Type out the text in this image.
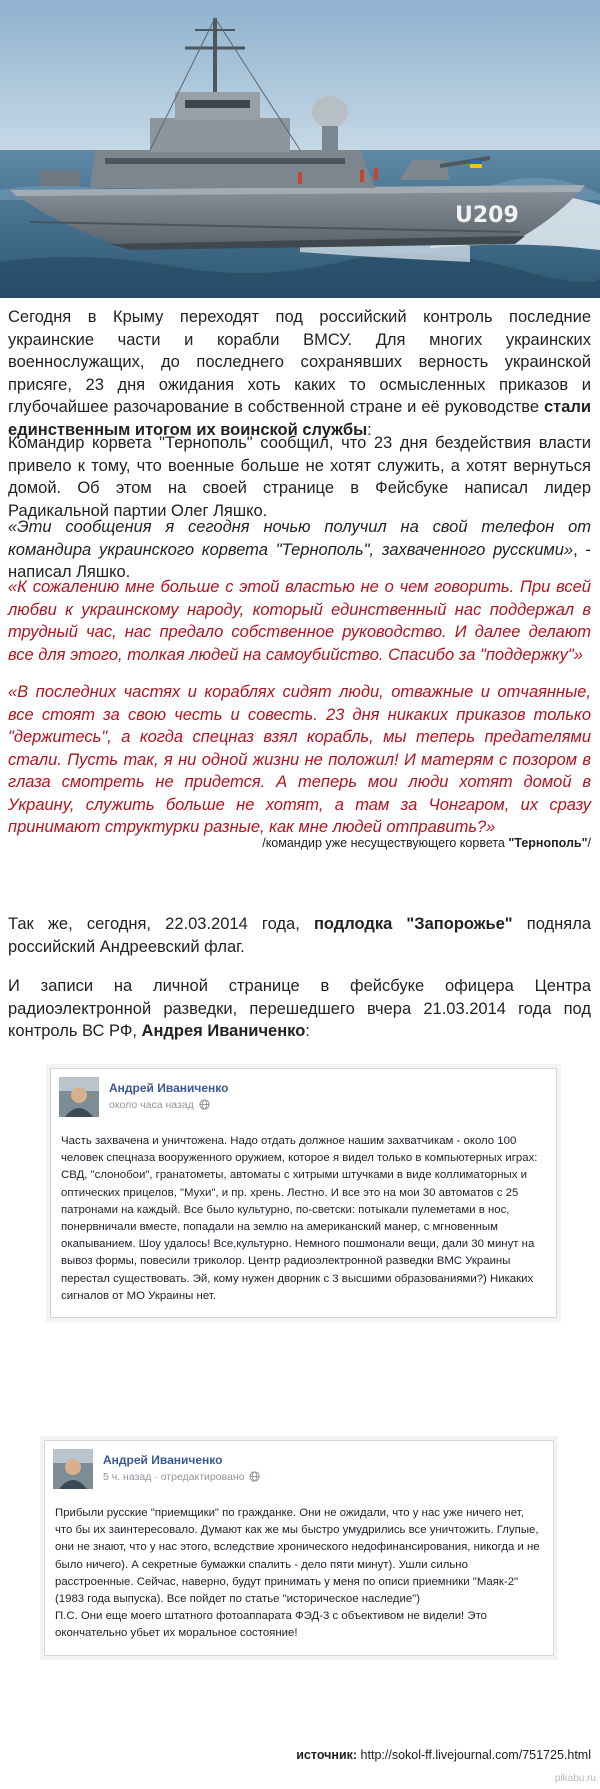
U209

Сегодня в Крыму переходят под российский контроль последние украинские части и корабли ВМСУ. Для многих украинских военнослужащих, до последнего сохранявших верность украинской присяге, 23 дня ожидания хоть каких то осмысленных приказов и глубочайшее разочарование в собственной стране и её руководстве стали единственным итогом их воинской службы:

Командир корвета "Тернополь" сообщил, что 23 дня бездействия власти привело к тому, что военные больше не хотят служить, а хотят вернуться домой. Об этом на своей странице в Фейсбуке написал лидер Радикальной партии Олег Ляшко.

«Эти сообщения я сегодня ночью получил на свой телефон от командира украинского корвета "Тернополь", захваченного русскими», - написал Ляшко.

«К сожалению мне больше с этой властью не о чем говорить. При всей любви к украинскому народу, который единственный нас поддержал в трудный час, нас предало собственное руководство. И далее делают все для этого, толкая людей на самоубийство. Спасибо за "поддержку"»

«В последних частях и кораблях сидят люди, отважные и отчаянные, все стоят за свою честь и совесть. 23 дня никаких приказов только "держитесь", а когда спецназ взял корабль, мы теперь предателями стали. Пусть так, я ни одной жизни не положил! И матерям с позором в глаза смотреть не придется. А теперь мои люди хотят домой в Украину, служить больше не хотят, а там за Чонгаром, их сразу принимают структурки разные, как мне людей отправить?»

/командир уже несуществующего корвета "Тернополь"/

Так же, сегодня, 22.03.2014 года, подлодка "Запорожье" подняла российский Андреевский флаг.

И записи на личной странице в фейсбуке офицера Центра радиоэлектронной разведки, перешедшего вчера 21.03.2014 года под контроль ВС РФ, Андрея Иваниченко:

Андрей Иваниченко
около часа назад

Часть захвачена и уничтожена. Надо отдать должное нашим захватчикам - около 100 человек спецназа вооруженного оружием, которое я видел только в компьютерных играх: СВД, "слонобои", гранатометы, автоматы с хитрыми штучками в виде коллиматорных и оптических прицелов, "Мухи", и пр. хрень. Лестно. И все это на мои 30 автоматов с 25 патронами на каждый. Все было культурно, по-светски: потыкали пулеметами в нос, понервничали вместе, попадали на землю на американский манер, с мгновенным окапыванием. Шоу удалось! Все,культурно. Немного пошмонали вещи, дали 30 минут на вывоз формы, повесили триколор. Центр радиоэлектронной разведки ВМС Украины перестал существовать. Эй, кому нужен дворник с 3 высшими образованиями?) Никаких сигналов от МО Украины нет.

Андрей Иваниченко
5 ч. назад · отредактировано

Прибыли русские "приемщики" по гражданке. Они не ожидали, что у нас уже ничего нет, что бы их заинтересовало. Думают как же мы быстро умудрились все уничтожить. Глупые, они не знают, что у нас этого, вследствие хронического недофинансирования, никогда и не было ничего). А секретные бумажки спалить - дело пяти минут). Ушли сильно расстроенные. Сейчас, наверно, будут принимать у меня по описи приемники "Маяк-2" (1983 года выпуска). Все пойдет по статье "историческое наследие")

П.С. Они еще моего штатного фотоаппарата ФЭД-3 с объективом не видели! Это окончательно убьет их моральное состояние!

источник: http://sokol-ff.livejournal.com/751725.html
pikabu.ru
